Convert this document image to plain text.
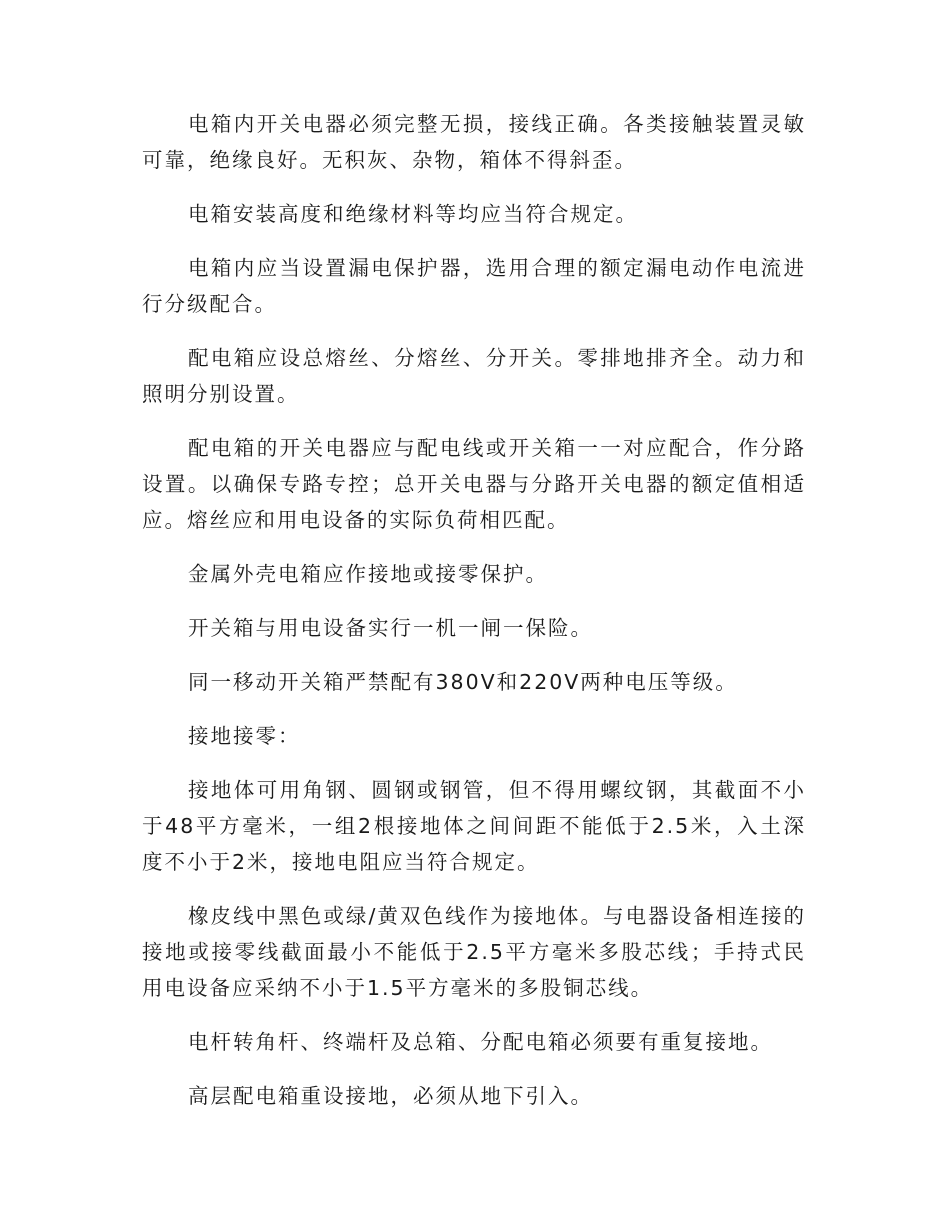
电箱内开关电器必须完整无损，接线正确。各类接触装置灵敏可靠，绝缘良好。无积灰、杂物，箱体不得斜歪。

电箱安装高度和绝缘材料等均应当符合规定。

电箱内应当设置漏电保护器，选用合理的额定漏电动作电流进行分级配合。

配电箱应设总熔丝、分熔丝、分开关。零排地排齐全。动力和照明分别设置。

配电箱的开关电器应与配电线或开关箱一一对应配合，作分路设置。以确保专路专控；总开关电器与分路开关电器的额定值相适应。熔丝应和用电设备的实际负荷相匹配。

金属外壳电箱应作接地或接零保护。

开关箱与用电设备实行一机一闸一保险。

同一移动开关箱严禁配有380V和220V两种电压等级。

接地接零：

接地体可用角钢、圆钢或钢管，但不得用螺纹钢，其截面不小于48平方毫米，一组2根接地体之间间距不能低于2.5米，入土深度不小于2米，接地电阻应当符合规定。

橡皮线中黑色或绿/黄双色线作为接地体。与电器设备相连接的接地或接零线截面最小不能低于2.5平方毫米多股芯线；手持式民用电设备应采纳不小于1.5平方毫米的多股铜芯线。

电杆转角杆、终端杆及总箱、分配电箱必须要有重复接地。

高层配电箱重设接地，必须从地下引入。
